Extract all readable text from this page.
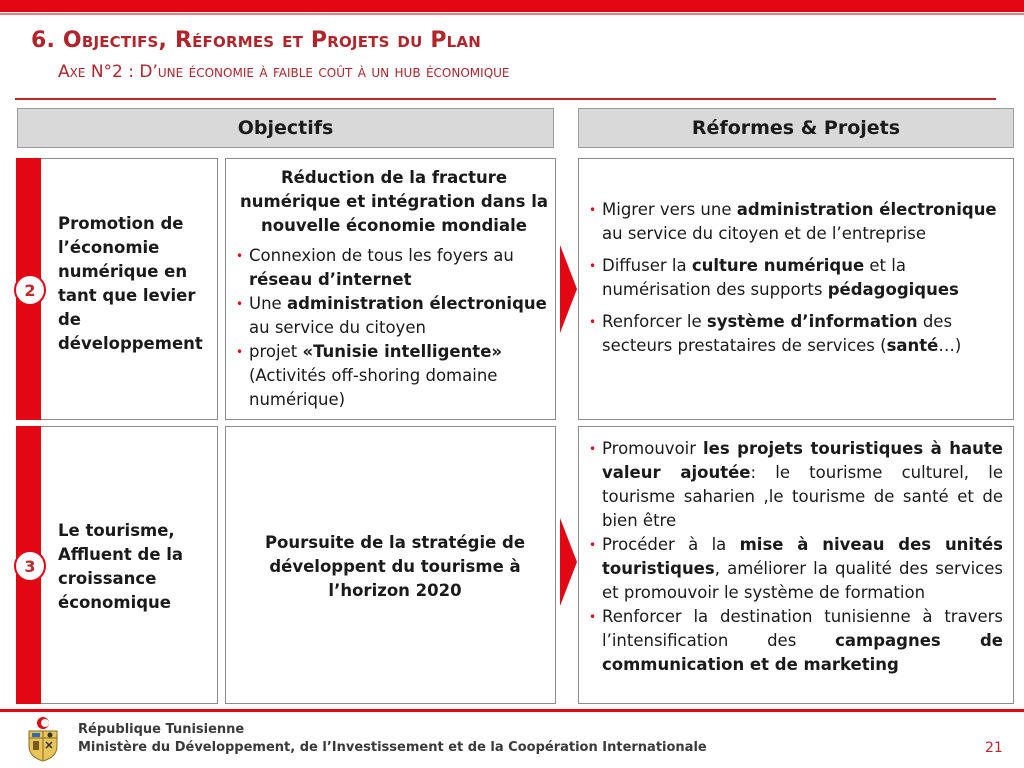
6. Objectifs, Réformes et Projets du Plan
Axe N°2 : D’une économie à faible coût à un hub économique
Objectifs	Réformes & Projets
2
Promotion de l’économie numérique en tant que levier de développement
Réduction de la fracture numérique et intégration dans la nouvelle économie mondiale
• Connexion de tous les foyers au réseau d’internet
• Une administration électronique au service du citoyen
• projet «Tunisie intelligente» (Activités off-shoring domaine numérique)
• Migrer vers une administration électronique au service du citoyen et de l’entreprise
• Diffuser la culture numérique et la numérisation des supports pédagogiques
• Renforcer le système d’information des secteurs prestataires de services (santé…)
3
Le tourisme, Affluent de la croissance économique
Poursuite de la stratégie de développent du tourisme à l’horizon 2020
• Promouvoir les projets touristiques à haute valeur ajoutée: le tourisme culturel, le tourisme saharien ,le tourisme de santé et de bien être
• Procéder à la mise à niveau des unités touristiques, améliorer la qualité des services et promouvoir le système de formation
• Renforcer la destination tunisienne à travers l’intensification des campagnes de communication et de marketing
République Tunisienne
Ministère du Développement, de l’Investissement et de la Coopération Internationale	21
